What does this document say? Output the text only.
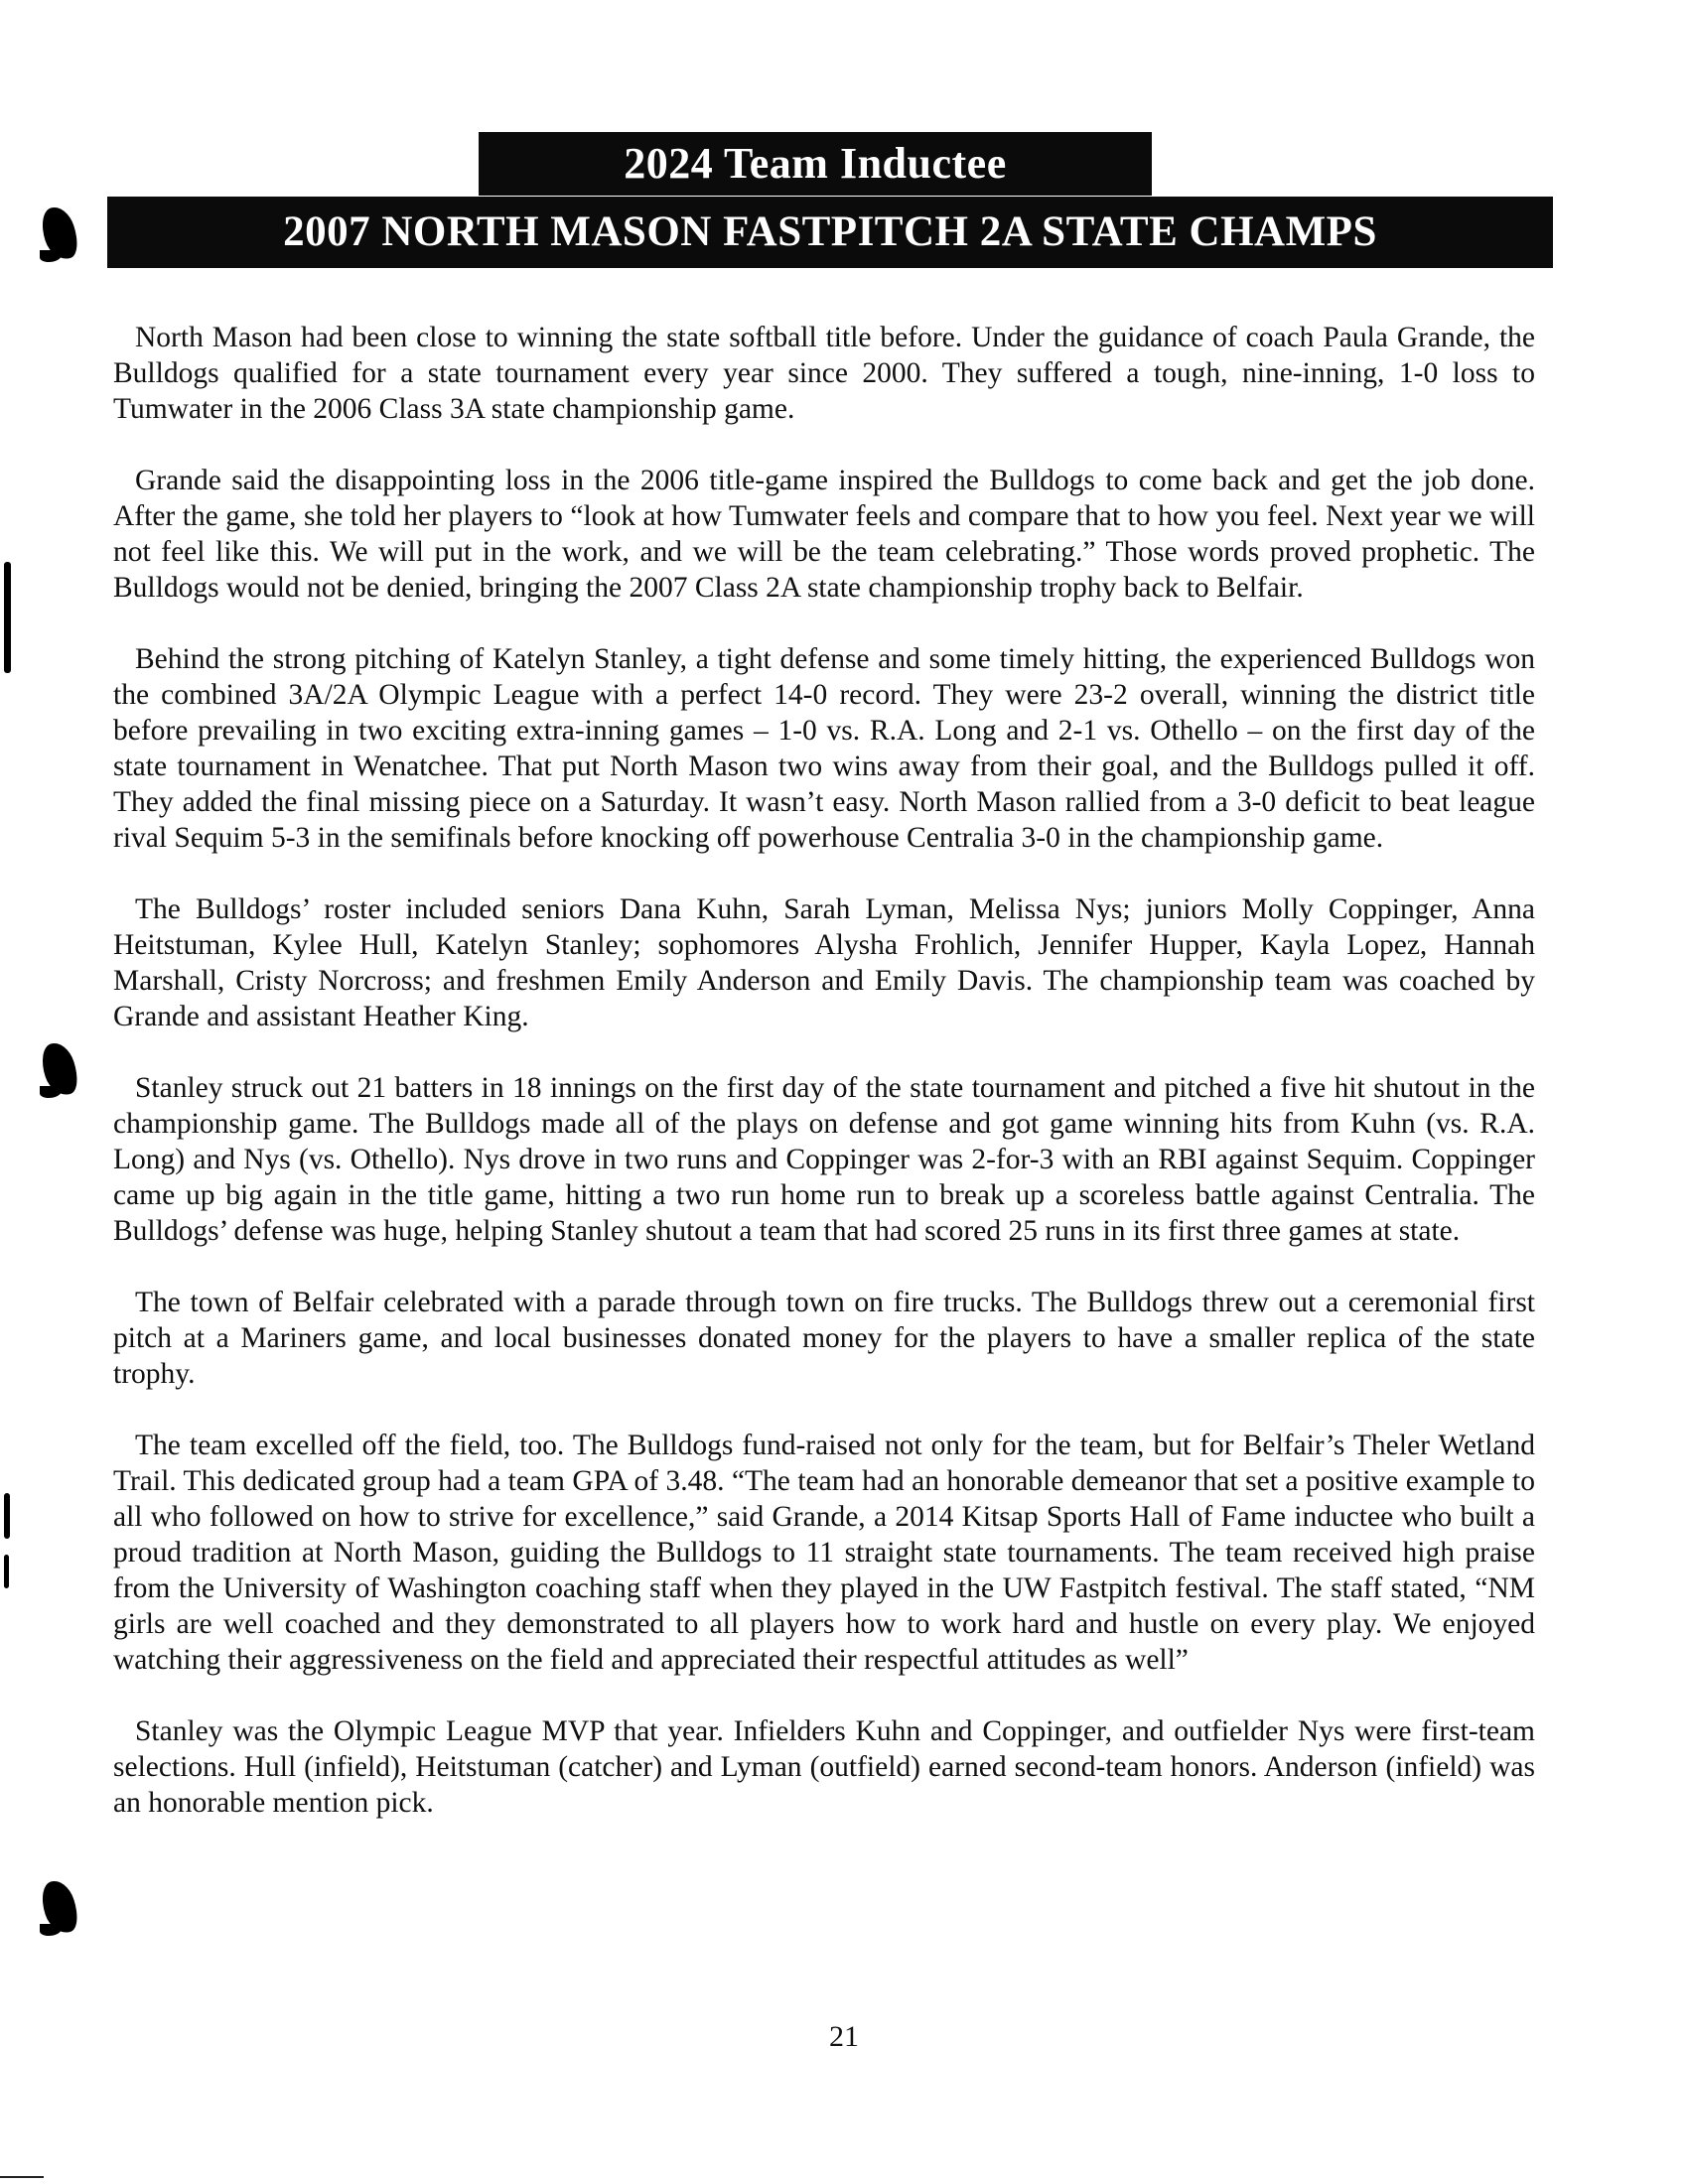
2024 Team Inductee
2007 NORTH MASON FASTPITCH 2A STATE CHAMPS

North Mason had been close to winning the state softball title before. Under the guidance of coach Paula Grande, the Bulldogs qualified for a state tournament every year since 2000. They suffered a tough, nine-inning, 1-0 loss to Tumwater in the 2006 Class 3A state championship game.

Grande said the disappointing loss in the 2006 title-game inspired the Bulldogs to come back and get the job done. After the game, she told her players to “look at how Tumwater feels and compare that to how you feel. Next year we will not feel like this. We will put in the work, and we will be the team celebrating.” Those words proved prophetic. The Bulldogs would not be denied, bringing the 2007 Class 2A state championship trophy back to Belfair.

Behind the strong pitching of Katelyn Stanley, a tight defense and some timely hitting, the experienced Bulldogs won the combined 3A/2A Olympic League with a perfect 14-0 record. They were 23-2 overall, winning the district title before prevailing in two exciting extra-inning games – 1-0 vs. R.A. Long and 2-1 vs. Othello – on the first day of the state tournament in Wenatchee. That put North Mason two wins away from their goal, and the Bulldogs pulled it off. They added the final missing piece on a Saturday. It wasn’t easy. North Mason rallied from a 3-0 deficit to beat league rival Sequim 5-3 in the semifinals before knocking off powerhouse Centralia 3-0 in the championship game.

The Bulldogs’ roster included seniors Dana Kuhn, Sarah Lyman, Melissa Nys; juniors Molly Coppinger, Anna Heitstuman, Kylee Hull, Katelyn Stanley; sophomores Alysha Frohlich, Jennifer Hupper, Kayla Lopez, Hannah Marshall, Cristy Norcross; and freshmen Emily Anderson and Emily Davis. The championship team was coached by Grande and assistant Heather King.

Stanley struck out 21 batters in 18 innings on the first day of the state tournament and pitched a five hit shutout in the championship game. The Bulldogs made all of the plays on defense and got game winning hits from Kuhn (vs. R.A. Long) and Nys (vs. Othello). Nys drove in two runs and Coppinger was 2-for-3 with an RBI against Sequim. Coppinger came up big again in the title game, hitting a two run home run to break up a scoreless battle against Centralia. The Bulldogs’ defense was huge, helping Stanley shutout a team that had scored 25 runs in its first three games at state.

The town of Belfair celebrated with a parade through town on fire trucks. The Bulldogs threw out a ceremonial first pitch at a Mariners game, and local businesses donated money for the players to have a smaller replica of the state trophy.

The team excelled off the field, too. The Bulldogs fund-raised not only for the team, but for Belfair’s Theler Wetland Trail. This dedicated group had a team GPA of 3.48. “The team had an honorable demeanor that set a positive example to all who followed on how to strive for excellence,” said Grande, a 2014 Kitsap Sports Hall of Fame inductee who built a proud tradition at North Mason, guiding the Bulldogs to 11 straight state tournaments. The team received high praise from the University of Washington coaching staff when they played in the UW Fastpitch festival. The staff stated, “NM girls are well coached and they demonstrated to all players how to work hard and hustle on every play. We enjoyed watching their aggressiveness on the field and appreciated their respectful attitudes as well”

Stanley was the Olympic League MVP that year. Infielders Kuhn and Coppinger, and outfielder Nys were first-team selections. Hull (infield), Heitstuman (catcher) and Lyman (outfield) earned second-team honors. Anderson (infield) was an honorable mention pick.

21
